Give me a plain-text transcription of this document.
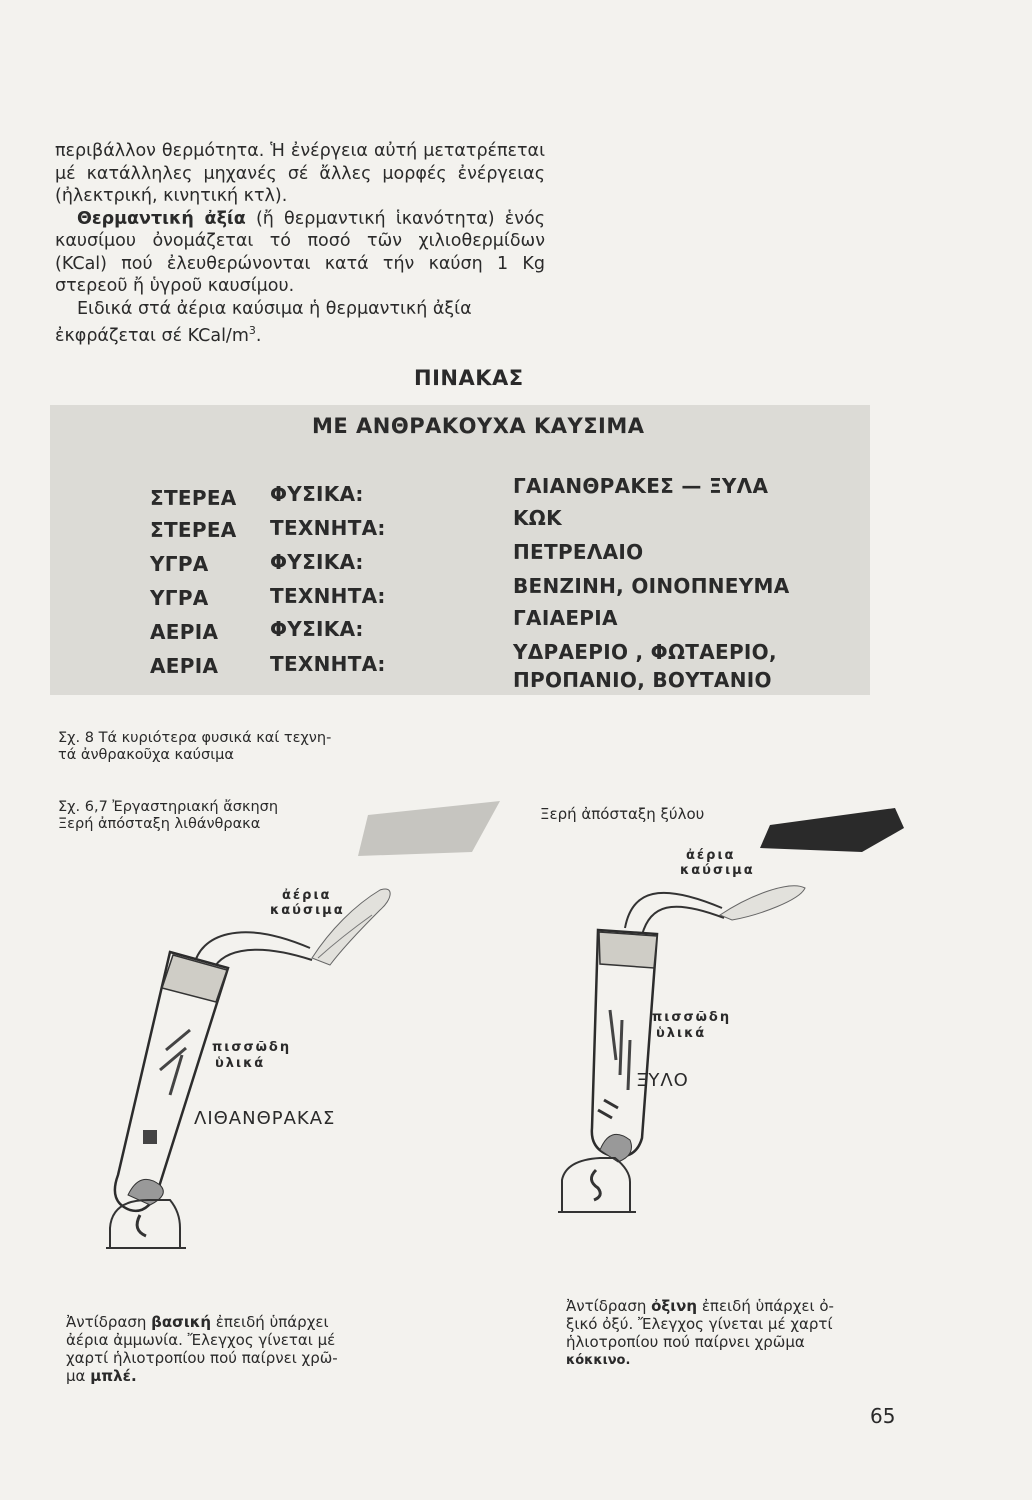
περιβάλλον θερμότητα. Ἡ ἐνέργεια αὐτή μετατρέπεται μέ κατάλληλες μηχανές σέ ἄλλες μορφές ἐνέργειας (ἠλεκτρική, κινητική κτλ).

Θερμαντική ἀξία (ἤ θερμαντική ἱκανότητα) ἑνός καυσίμου ὀνομάζεται τό ποσό τῶν χιλιοθερμίδων (KCal) πού ἐλευθερώνονται κατά τήν καύση 1 Kg στερεοῦ ἤ ὑγροῦ καυσίμου.

Ειδικά στά ἀέρια καύσιμα ἡ θερμαντική ἀξία ἐκφράζεται σέ KCal/$m^3$.

ΠΙΝΑΚΑΣ
ΜΕ ΑΝΘΡΑΚΟΥΧΑ ΚΑΥΣΙΜΑ
ΣΤΕΡΕΑ ΦΥΣΙΚΑ:	ΓΑΙΑΝΘΡΑΚΕΣ — ΞΥΛΑ
ΣΤΕΡΕΑ ΤΕΧΝΗΤΑ:	ΚΩΚ
ΥΓΡΑ	ΦΥΣΙΚΑ:	ΠΕΤΡΕΛΑΙΟ
ΥΓΡΑ	ΤΕΧΝΗΤΑ:	ΒΕΝΖΙΝΗ, ΟΙΝΟΠΝΕΥΜΑ
ΑΕΡΙΑ	ΦΥΣΙΚΑ:	ΓΑΙΑΕΡΙΑ
ΑΕΡΙΑ	ΤΕΧΝΗΤΑ:	ΥΔΡΑΕΡΙΟ , ΦΩΤΑΕΡΙΟ,
ΠΡΟΠΑΝΙΟ, ΒΟΥΤΑΝΙΟ
Σχ. 8 Τά κυριότερα φυσικά καί τεχνη-
τά ἀνθρακοῦχα καύσιμα
Σχ. 6,7 Ἐργαστηριακή ἄσκηση
Ξερή ἀπόσταξη λιθάνθρακα
Ξερή ἀπόσταξη ξύλου
ἀέρια
καύσιμα
πισσῶδη
ὑλικά
ΛΙΘΑΝΘΡΑΚΑΣ
ἀέρια
καύσιμα
πισσῶδη
ὑλικά
ΞΥΛΟ
Ἀντίδραση βασική ἐπειδή ὑπάρχει
ἀέρια ἀμμωνία. Ἔλεγχος γίνεται μέ
χαρτί ἡλιοτροπίου πού παίρνει χρῶ-
μα μπλέ.
Ἀντίδραση ὀξινη ἐπειδή ὑπάρχει ὀ-
ξικό ὀξύ. Ἔλεγχος γίνεται μέ χαρτί
ἡλιοτροπίου πού παίρνει χρῶμα
κόκκινο.
65
